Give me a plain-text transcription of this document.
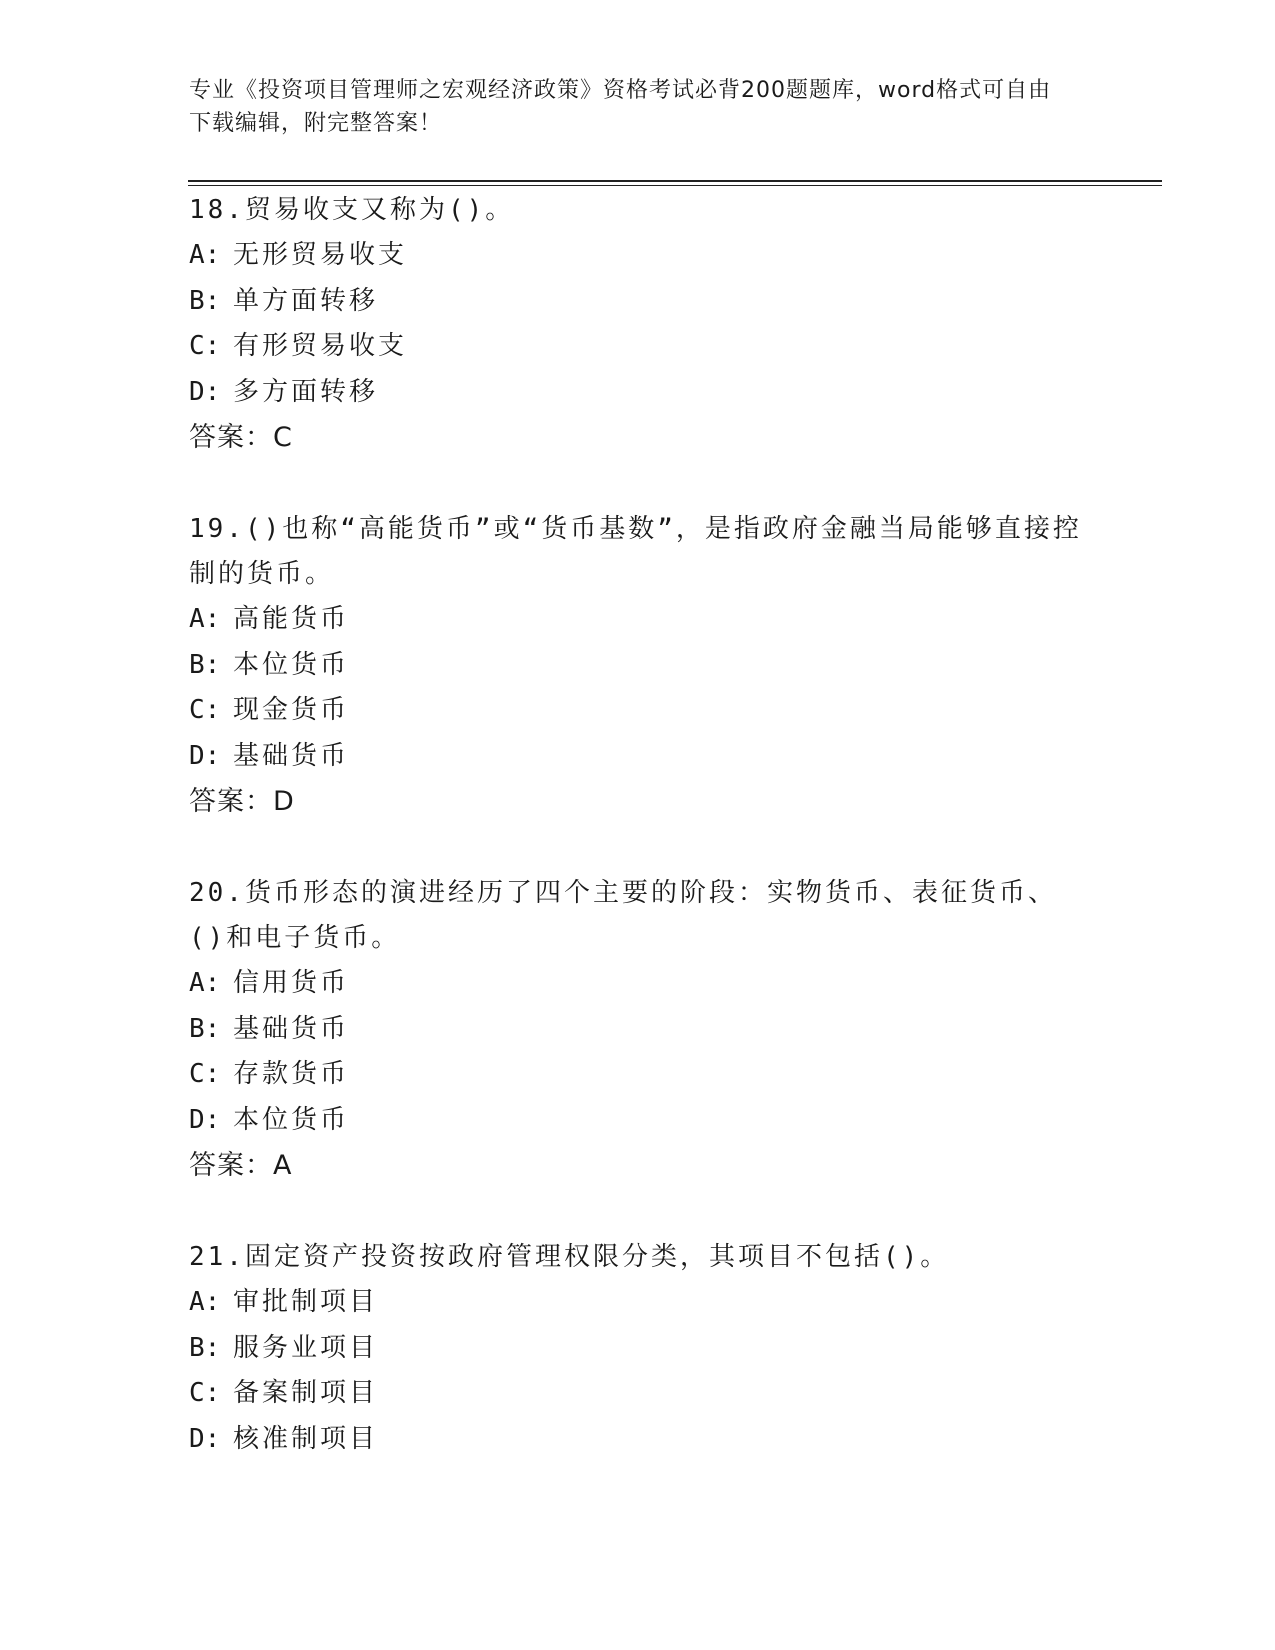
专业《投资项目管理师之宏观经济政策》资格考试必背200题题库，word格式可自由下载编辑，附完整答案！
18.贸易收支又称为()。
A: 无形贸易收支
B: 单方面转移
C: 有形贸易收支
D: 多方面转移
答案：C
19.()也称“高能货币”或“货币基数”，是指政府金融当局能够直接控制的货币。
A: 高能货币
B: 本位货币
C: 现金货币
D: 基础货币
答案：D
20.货币形态的演进经历了四个主要的阶段：实物货币、表征货币、()和电子货币。
A: 信用货币
B: 基础货币
C: 存款货币
D: 本位货币
答案：A
21.固定资产投资按政府管理权限分类，其项目不包括()。
A: 审批制项目
B: 服务业项目
C: 备案制项目
D: 核准制项目
